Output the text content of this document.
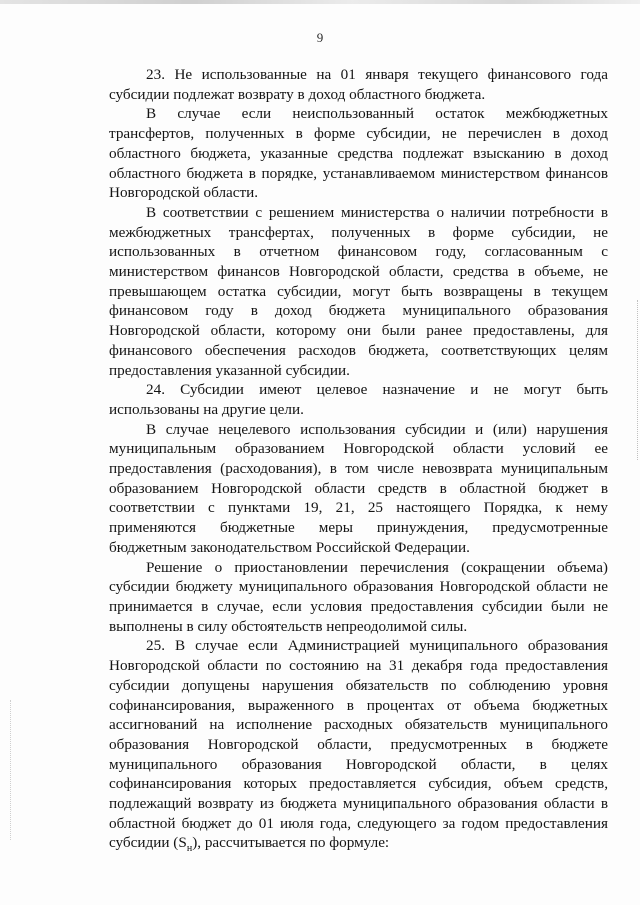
9

23. Не использованные на 01 января текущего финансового года субсидии подлежат возврату в доход областного бюджета.

В случае если неиспользованный остаток межбюджетных трансфертов, полученных в форме субсидии, не перечислен в доход областного бюджета, указанные средства подлежат взысканию в доход областного бюджета в порядке, устанавливаемом министерством финансов Новгородской области.

В соответствии с решением министерства о наличии потребности в межбюджетных трансфертах, полученных в форме субсидии, не использованных в отчетном финансовом году, согласованным с министерством финансов Новгородской области, средства в объеме, не превышающем остатка субсидии, могут быть возвращены в текущем финансовом году в доход бюджета муниципального образования Новгородской области, которому они были ранее предоставлены, для финансового обеспечения расходов бюджета, соответствующих целям предоставления указанной субсидии.

24. Субсидии имеют целевое назначение и не могут быть использованы на другие цели.

В случае нецелевого использования субсидии и (или) нарушения муниципальным образованием Новгородской области условий ее предоставления (расходования), в том числе невозврата муниципальным образованием Новгородской области средств в областной бюджет в соответствии с пунктами 19, 21, 25 настоящего Порядка, к нему применяются бюджетные меры принуждения, предусмотренные бюджетным законодательством Российской Федерации.

Решение о приостановлении перечисления (сокращении объема) субсидии бюджету муниципального образования Новгородской области не принимается в случае, если условия предоставления субсидии были не выполнены в силу обстоятельств непреодолимой силы.

25. В случае если Администрацией муниципального образования Новгородской области по состоянию на 31 декабря года предоставления субсидии допущены нарушения обязательств по соблюдению уровня софинансирования, выраженного в процентах от объема бюджетных ассигнований на исполнение расходных обязательств муниципального образования Новгородской области, предусмотренных в бюджете муниципального образования Новгородской области, в целях софинансирования которых предоставляется субсидия, объем средств, подлежащий возврату из бюджета муниципального образования области в областной бюджет до 01 июля года, следующего за годом предоставления субсидии $(S_н)$, рассчитывается по формуле:
